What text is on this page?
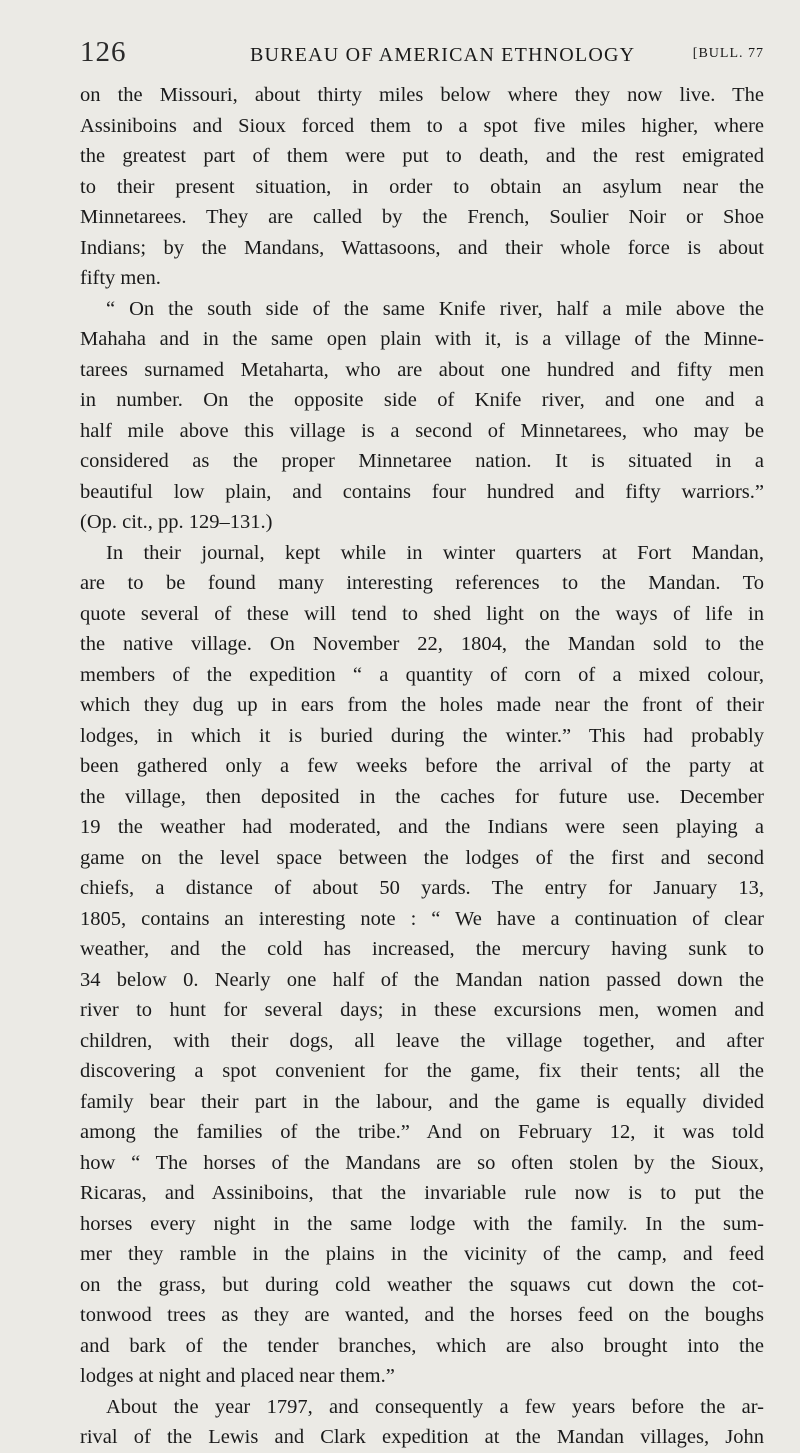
126	BUREAU OF AMERICAN ETHNOLOGY	[BULL. 77
on the Missouri, about thirty miles below where they now live. The
Assiniboins and Sioux forced them to a spot five miles higher, where
the greatest part of them were put to death, and the rest emigrated
to their present situation, in order to obtain an asylum near the
Minnetarees. They are called by the French, Soulier Noir or Shoe
Indians; by the Mandans, Wattasoons, and their whole force is about
fifty men.
“ On the south side of the same Knife river, half a mile above the
Mahaha and in the same open plain with it, is a village of the Minne-
tarees surnamed Metaharta, who are about one hundred and fifty men
in number. On the opposite side of Knife river, and one and a
half mile above this village is a second of Minnetarees, who may be
considered as the proper Minnetaree nation. It is situated in a
beautiful low plain, and contains four hundred and fifty warriors.”
(Op. cit., pp. 129–131.)
In their journal, kept while in winter quarters at Fort Mandan,
are to be found many interesting references to the Mandan. To
quote several of these will tend to shed light on the ways of life in
the native village. On November 22, 1804, the Mandan sold to the
members of the expedition “ a quantity of corn of a mixed colour,
which they dug up in ears from the holes made near the front of their
lodges, in which it is buried during the winter.” This had probably
been gathered only a few weeks before the arrival of the party at
the village, then deposited in the caches for future use. December
19 the weather had moderated, and the Indians were seen playing a
game on the level space between the lodges of the first and second
chiefs, a distance of about 50 yards. The entry for January 13,
1805, contains an interesting note : “ We have a continuation of clear
weather, and the cold has increased, the mercury having sunk to
34 below 0. Nearly one half of the Mandan nation passed down the
river to hunt for several days; in these excursions men, women and
children, with their dogs, all leave the village together, and after
discovering a spot convenient for the game, fix their tents; all the
family bear their part in the labour, and the game is equally divided
among the families of the tribe.” And on February 12, it was told
how “ The horses of the Mandans are so often stolen by the Sioux,
Ricaras, and Assiniboins, that the invariable rule now is to put the
horses every night in the same lodge with the family. In the sum-
mer they ramble in the plains in the vicinity of the camp, and feed
on the grass, but during cold weather the squaws cut down the cot-
tonwood trees as they are wanted, and the horses feed on the boughs
and bark of the tender branches, which are also brought into the
lodges at night and placed near them.”
About the year 1797, and consequently a few years before the ar-
rival of the Lewis and Clark expedition at the Mandan villages, John
